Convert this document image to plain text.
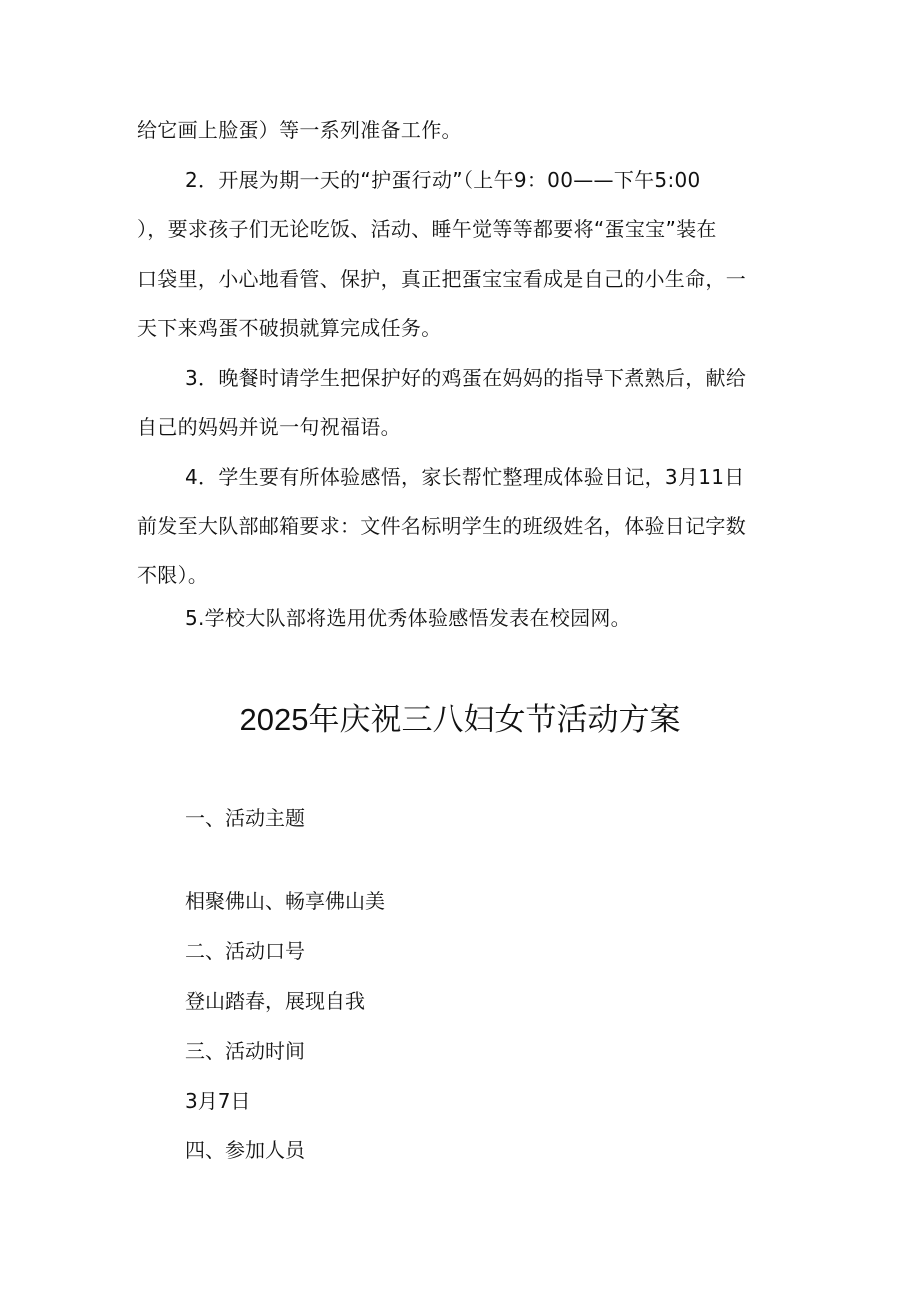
给它画上脸蛋）等一系列准备工作。
2．开展为期一天的“护蛋行动”（上午9：00——下午5:00
），要求孩子们无论吃饭、活动、睡午觉等等都要将“蛋宝宝”装在
口袋里，小心地看管、保护，真正把蛋宝宝看成是自己的小生命，一
天下来鸡蛋不破损就算完成任务。
3．晚餐时请学生把保护好的鸡蛋在妈妈的指导下煮熟后，献给
自己的妈妈并说一句祝福语。
4．学生要有所体验感悟，家长帮忙整理成体验日记，3月11日
前发至大队部邮箱要求：文件名标明学生的班级姓名，体验日记字数
不限）。
5.学校大队部将选用优秀体验感悟发表在校园网。
2025年庆祝三八妇女节活动方案
一、活动主题
相聚佛山、畅享佛山美
二、活动口号
登山踏春，展现自我
三、活动时间
3月7日
四、参加人员
